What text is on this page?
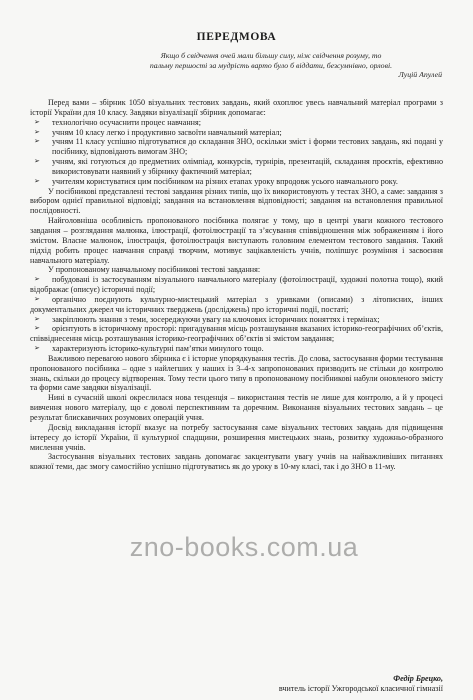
ПЕРЕДМОВА
Якщо б свідчення очей мали більшу силу, ніж свідчення розуму, то
пальму першості за мудрість варто було б віддати, безсумнівно, орлові.
Луцій Апулей

Перед вами – збірник 1050 візуальних тестових завдань, який охоплює увесь навчальний матеріал програми з історії України для 10 класу. Завдяки візуалізації збірник допомагає:

➢ технологічно осучаснити процес навчання;
➢ учням 10 класу легко і продуктивно засвоїти навчальний матеріал;
➢ учням 11 класу успішно підготуватися до складання ЗНО, оскільки зміст і форми тестових завдань, які подані у посібнику, відповідають вимогам ЗНО;
➢ учням, які готуються до предметних олімпіад, конкурсів, турнірів, презентацій, складання проєктів, ефективно використовувати наявний у збірнику фактичний матеріал;
➢ учителям користуватися цим посібником на різних етапах уроку впродовж усього навчального року.

У посібникові представлені тестові завдання різних типів, що їх використовують у тестах ЗНО, а саме: завдання з вибором однієї правильної відповіді; завдання на встановлення відповідності; завдання на встановлення правильної послідовності.

Найголовніша особливість пропонованого посібника полягає у тому, що в центрі уваги кожного тестового завдання – розглядання малюнка, ілюстрації, фотоілюстрації та з’ясування співвідношення між зображенням і його змістом. Власне малюнок, ілюстрація, фотоілюстрація виступають головним елементом тестового завдання. Такий підхід робить процес навчання справді творчим, мотивує зацікавленість учнів, поліпшує розуміння і засвоєння навчального матеріалу.

У пропонованому навчальному посібникові тестові завдання:

➢ побудовані із застосуванням візуального навчального матеріалу (фотоілюстрації, художні полотна тощо), який відображає (описує) історичні події;
➢ органічно поєднують культурно-мистецький матеріал з уривками (описами) з літописних, інших документальних джерел чи історичних тверджень (досліджень) про історичні події, постаті;
➢ закріплюють знання з теми, зосереджуючи увагу на ключових історичних поняттях і термінах;
➢ орієнтують в історичному просторі: пригадування місць розташування вказаних історико-географічних об’єктів, співвіднесення місць розташування історико-географічних об’єктів зі змістом завдання;
➢ характеризують історико-культурні пам’ятки минулого тощо.

Важливою перевагою нового збірника є і історне упорядкування тестів. До слова, застосування форми тестування пропонованого посібника – одне з найлегших у наших із 3–4-х запропонованих призводить не стільки до контролю знань, скільки до процесу відтворення. Тому тести цього типу в пропонованому посібникові набули оновленого змісту та форми саме завдяки візуалізації.

Нині в сучасній школі окреслилася нова тенденція – використання тестів не лише для контролю, а й у процесі вивчення нового матеріалу, що є доволі перспективним та доречним. Виконання візуальних тестових завдань – це результат блискавичних розумових операцій учня.

Досвід викладання історії вказує на потребу застосування саме візуальних тестових завдань для підвищення інтересу до історії України, її культурної спадщини, розширення мистецьких знань, розвитку художньо-образного мислення учнів.

Застосування візуальних тестових завдань допомагає закцентувати увагу учнів на найважливіших питаннях кожної теми, дає змогу самостійно успішно підготуватись як до уроку в 10-му класі, так і до ЗНО в 11-му.

Федір Брецко,
вчитель історії Ужгородської класичної гімназії
zno-books.com.ua
